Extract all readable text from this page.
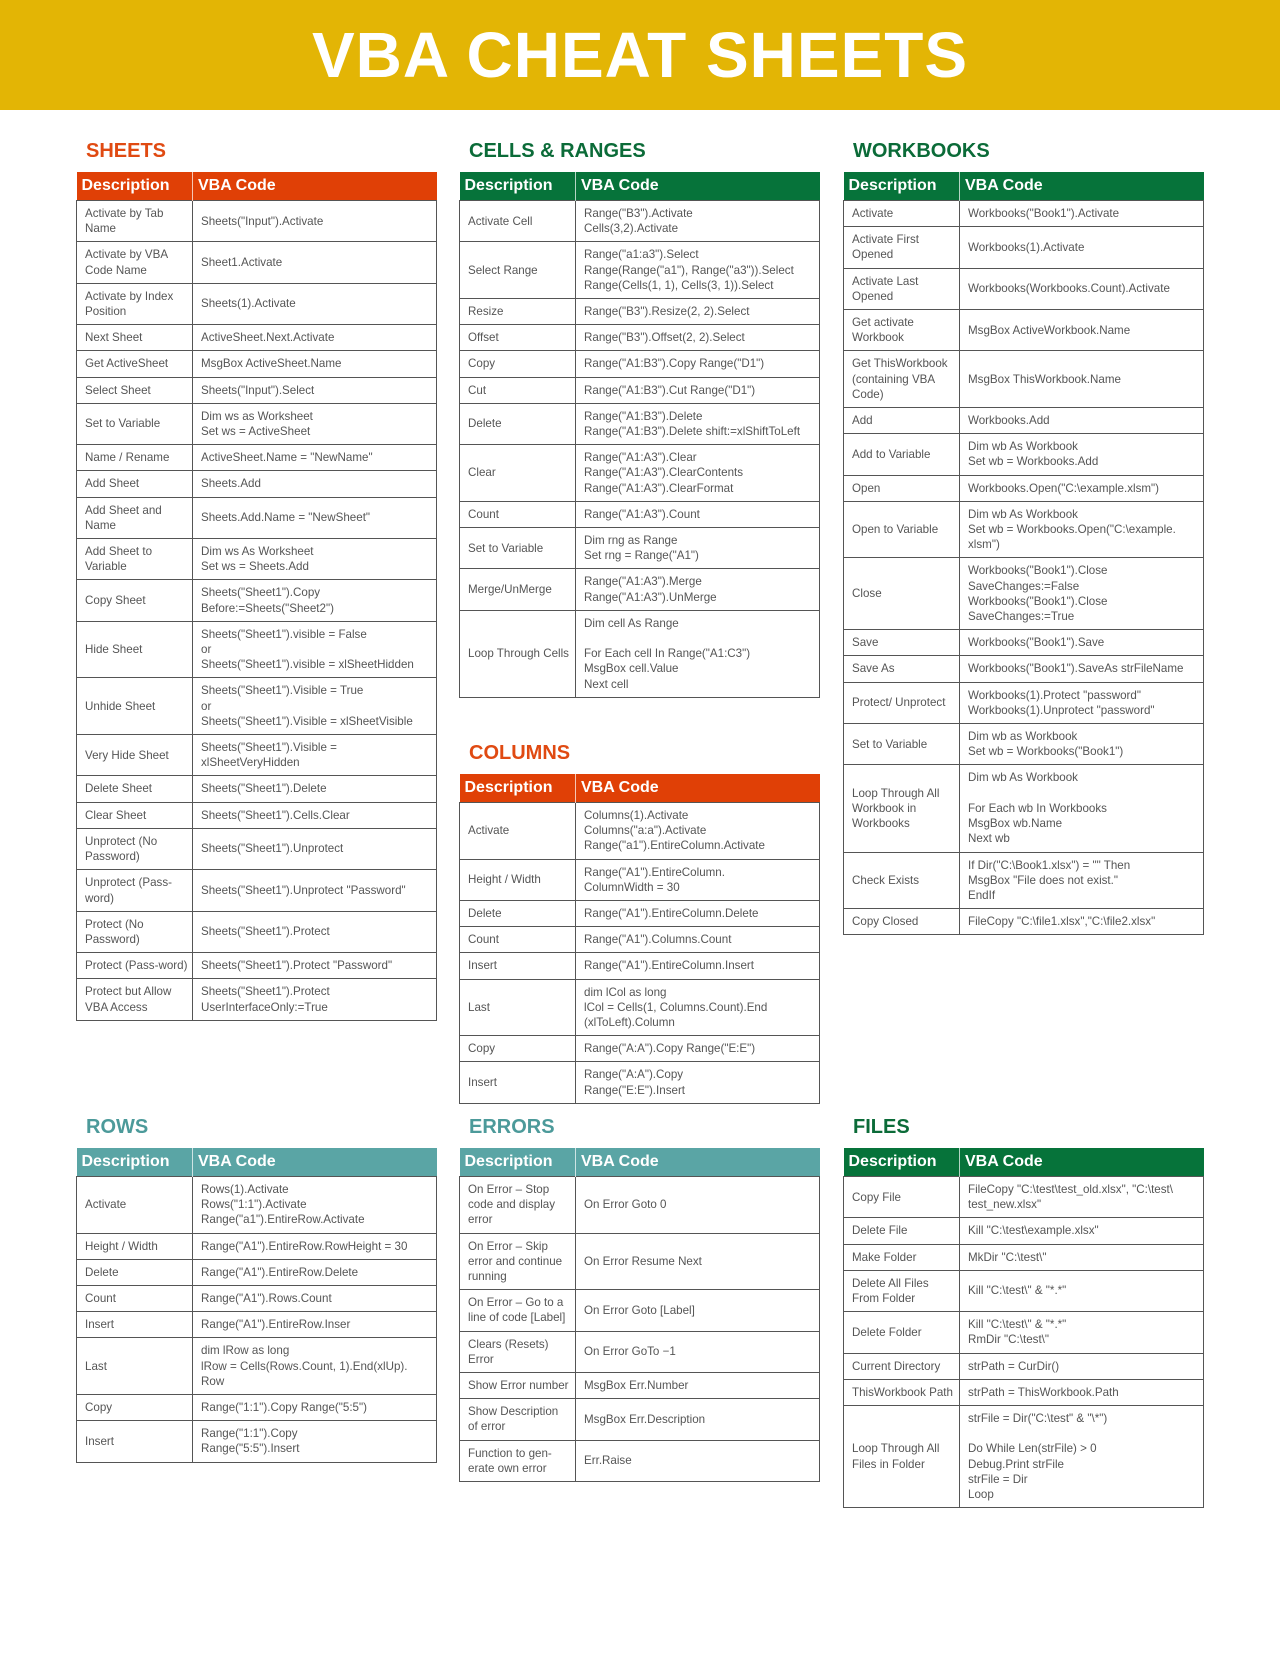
VBA CHEAT SHEETS
SHEETS
Description	VBA Code
Activate by Tab Name	Sheets("Input").Activate
Activate by VBA Code Name	Sheet1.Activate
Activate by Index Position	Sheets(1).Activate
Next Sheet	ActiveSheet.Next.Activate
Get ActiveSheet	MsgBox ActiveSheet.Name
Select Sheet	Sheets("Input").Select
Set to Variable	Dim ws as Worksheet
Set ws = ActiveSheet
Name / Rename	ActiveSheet.Name = "NewName"
Add Sheet	Sheets.Add
Add Sheet and Name	Sheets.Add.Name = "NewSheet"
Add Sheet to Variable	Dim ws As Worksheet
Set ws = Sheets.Add
Copy Sheet	Sheets("Sheet1").Copy
Before:=Sheets("Sheet2")
Hide Sheet	Sheets("Sheet1").visible = False
or
Sheets("Sheet1").visible = xlSheetHidden
Unhide Sheet	Sheets("Sheet1").Visible = True
or
Sheets("Sheet1").Visible = xlSheetVisible
Very Hide Sheet	Sheets("Sheet1").Visible =
xlSheetVeryHidden
Delete Sheet	Sheets("Sheet1").Delete
Clear Sheet	Sheets("Sheet1").Cells.Clear
Unprotect (No Password)	Sheets("Sheet1").Unprotect
Unprotect (Pass-word)	Sheets("Sheet1").Unprotect "Password"
Protect (No Password)	Sheets("Sheet1").Protect
Protect (Pass-word)	Sheets("Sheet1").Protect "Password"
Protect but Allow VBA Access	Sheets("Sheet1").Protect
UserInterfaceOnly:=True
CELLS & RANGES
Description	VBA Code
Activate Cell	Range("B3").Activate
Cells(3,2).Activate
Select Range	Range("a1:a3").Select
Range(Range("a1"), Range("a3")).Select
Range(Cells(1, 1), Cells(3, 1)).Select
Resize	Range("B3").Resize(2, 2).Select
Offset	Range("B3").Offset(2, 2).Select
Copy	Range("A1:B3").Copy Range("D1")
Cut	Range("A1:B3").Cut Range("D1")
Delete	Range("A1:B3").Delete
Range("A1:B3").Delete shift:=xlShiftToLeft
Clear	Range("A1:A3").Clear
Range("A1:A3").ClearContents
Range("A1:A3").ClearFormat
Count	Range("A1:A3").Count
Set to Variable	Dim rng as Range
Set rng = Range("A1")
Merge/UnMerge	Range("A1:A3").Merge
Range("A1:A3").UnMerge
Loop Through Cells	Dim cell As Range

For Each cell In Range("A1:C3")
MsgBox cell.Value
Next cell
WORKBOOKS
Description	VBA Code
Activate	Workbooks("Book1").Activate
Activate First Opened	Workbooks(1).Activate
Activate Last Opened	Workbooks(Workbooks.Count).Activate
Get activate Workbook	MsgBox ActiveWorkbook.Name
Get ThisWorkbook (containing VBA Code)	MsgBox ThisWorkbook.Name
Add	Workbooks.Add
Add to Variable	Dim wb As Workbook
Set wb = Workbooks.Add
Open	Workbooks.Open("C:\example.xlsm")
Open to Variable	Dim wb As Workbook
Set wb = Workbooks.Open("C:\example.
xlsm")
Close	Workbooks("Book1").Close
SaveChanges:=False
Workbooks("Book1").Close
SaveChanges:=True
Save	Workbooks("Book1").Save
Save As	Workbooks("Book1").SaveAs strFileName
Protect/ Unprotect	Workbooks(1).Protect "password"
Workbooks(1).Unprotect "password"
Set to Variable	Dim wb as Workbook
Set wb = Workbooks("Book1")
Loop Through All Workbook in Workbooks	Dim wb As Workbook

For Each wb In Workbooks
MsgBox wb.Name
Next wb
Check Exists	If Dir("C:\Book1.xlsx") = "" Then
MsgBox "File does not exist."
EndIf
Copy Closed	FileCopy "C:\file1.xlsx","C:\file2.xlsx"
COLUMNS
Description	VBA Code
Activate	Columns(1).Activate
Columns("a:a").Activate
Range("a1").EntireColumn.Activate
Height / Width	Range("A1").EntireColumn.
ColumnWidth = 30
Delete	Range("A1").EntireColumn.Delete
Count	Range("A1").Columns.Count
Insert	Range("A1").EntireColumn.Insert
Last	dim lCol as long
lCol = Cells(1, Columns.Count).End
(xlToLeft).Column
Copy	Range("A:A").Copy Range("E:E")
Insert	Range("A:A").Copy
Range("E:E").Insert
ROWS
Description	VBA Code
Activate	Rows(1).Activate
Rows("1:1").Activate
Range("a1").EntireRow.Activate
Height / Width	Range("A1").EntireRow.RowHeight = 30
Delete	Range("A1").EntireRow.Delete
Count	Range("A1").Rows.Count
Insert	Range("A1").EntireRow.Inser
Last	dim lRow as long
lRow = Cells(Rows.Count, 1).End(xlUp).
Row
Copy	Range("1:1").Copy Range("5:5")
Insert	Range("1:1").Copy
Range("5:5").Insert
ERRORS
Description	VBA Code
On Error – Stop code and display error	On Error Goto 0
On Error – Skip error and continue running	On Error Resume Next
On Error – Go to a line of code [Label]	On Error Goto [Label]
Clears (Resets) Error	On Error GoTo −1
Show Error number	MsgBox Err.Number
Show Description of error	MsgBox Err.Description
Function to gen-erate own error	Err.Raise
FILES
Description	VBA Code
Copy File	FileCopy "C:\test\test_old.xlsx", "C:\test\
test_new.xlsx"
Delete File	Kill "C:\test\example.xlsx"
Make Folder	MkDir "C:\test\"
Delete All Files From Folder	Kill "C:\test\" & "*.*"
Delete Folder	Kill "C:\test\" & "*.*"
RmDir "C:\test\"
Current Directory	strPath = CurDir()
ThisWorkbook Path	strPath = ThisWorkbook.Path
Loop Through All Files in Folder	strFile = Dir("C:\test" & "\*")

Do While Len(strFile) > 0
Debug.Print strFile
strFile = Dir
Loop
